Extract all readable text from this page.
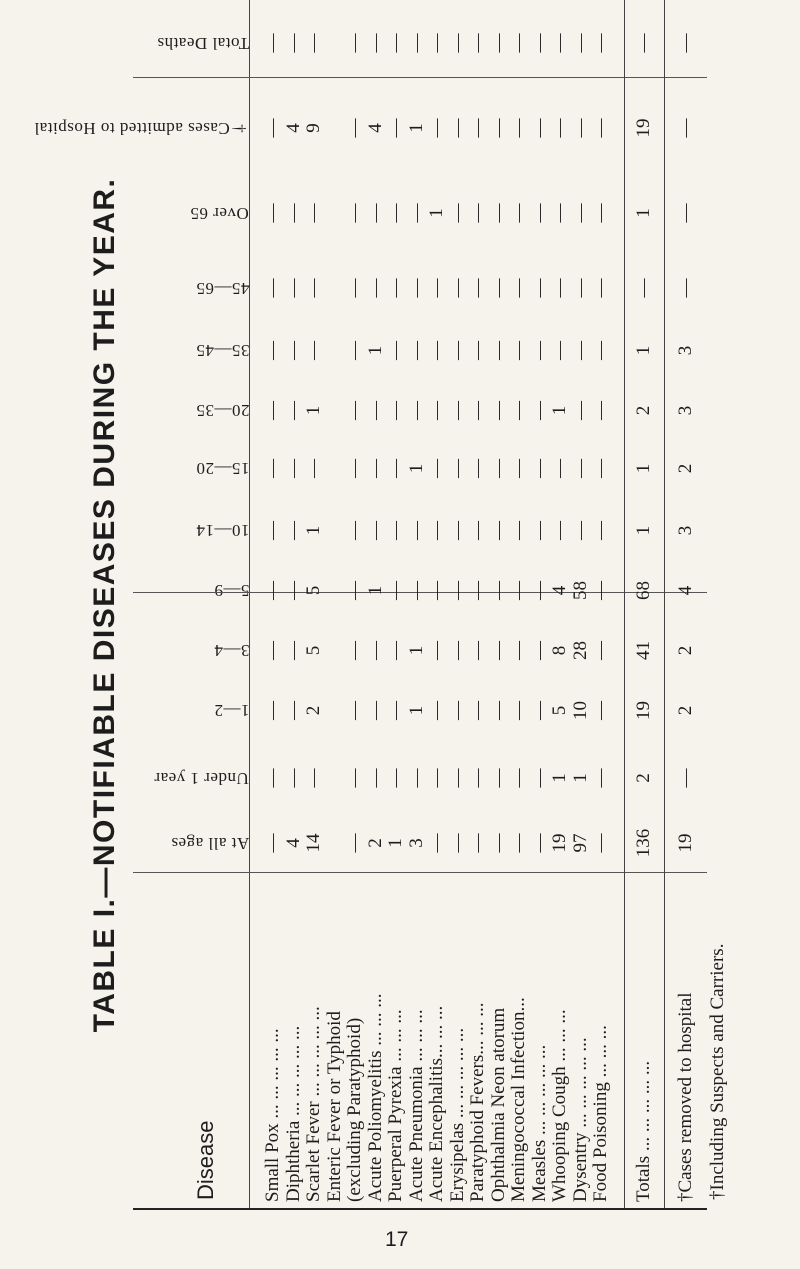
TABLE I.—NOTIFIABLE DISEASES DURING THE YEAR.
Disease
At all ages
Under 1 year
1—2
3—4
5—9
10—14
15—20
20—35
35—45
45—65
Over 65
†Cases admitted to Hospital
Total Deaths
Small Pox ... ... ... ... ...
—
—
—
—
—
—
—
—
—
—
—
—
—
Diphtheria ... ... ... ... ...
4
—
—
—
—
—
—
—
—
—
—
4
—
Scarlet Fever ... ... ... ... ...
14
—
2
5
5
1
—
1
—
—
—
9
—
Enteric Fever or Typhoid (excluding Paratyphoid)
—
—
—
—
—
—
—
—
—
—
—
—
—
Acute Poliomyelitis ... ... ...
2
—
—
—
1
—
—
—
1
—
—
4
—
Puerperal Pyrexia ... ... ...
1
—
—
—
—
—
—
—
—
—
—
—
—
Acute Pneumonia ... ... ...
3
—
1
1
—
—
1
—
—
—
—
1
—
Acute Encephalitis... ... ...
—
—
—
—
—
—
—
—
—
—
1
—
—
Erysipelas ... ... ... ... ...
—
—
—
—
—
—
—
—
—
—
—
—
—
Paratyphoid Fevers... ... ...
—
—
—
—
—
—
—
—
—
—
—
—
—
Ophthalmia Neon atorum
—
—
—
—
—
—
—
—
—
—
—
—
—
Meningococcal Infection...
—
—
—
—
—
—
—
—
—
—
—
—
—
Measles ... ... ... ... ...
—
—
—
—
—
—
—
—
—
—
—
—
—
Whooping Cough ... ... ...
19
1
5
8
4
—
—
1
—
—
—
—
—
Dysentry ... ... ... ... ...
97
1
10
28
58
—
—
—
—
—
—
—
—
Food Poisoning ... ... ...
—
—
—
—
—
—
—
—
—
—
—
—
—
Totals ... ... ... ... ...
136
2
19
41
68
1
1
2
1
—
1
19
—
†Cases removed to hospital
19
—
2
2
4
3
2
3
3
—
—
—
—
†Including Suspects and Carriers.
17
